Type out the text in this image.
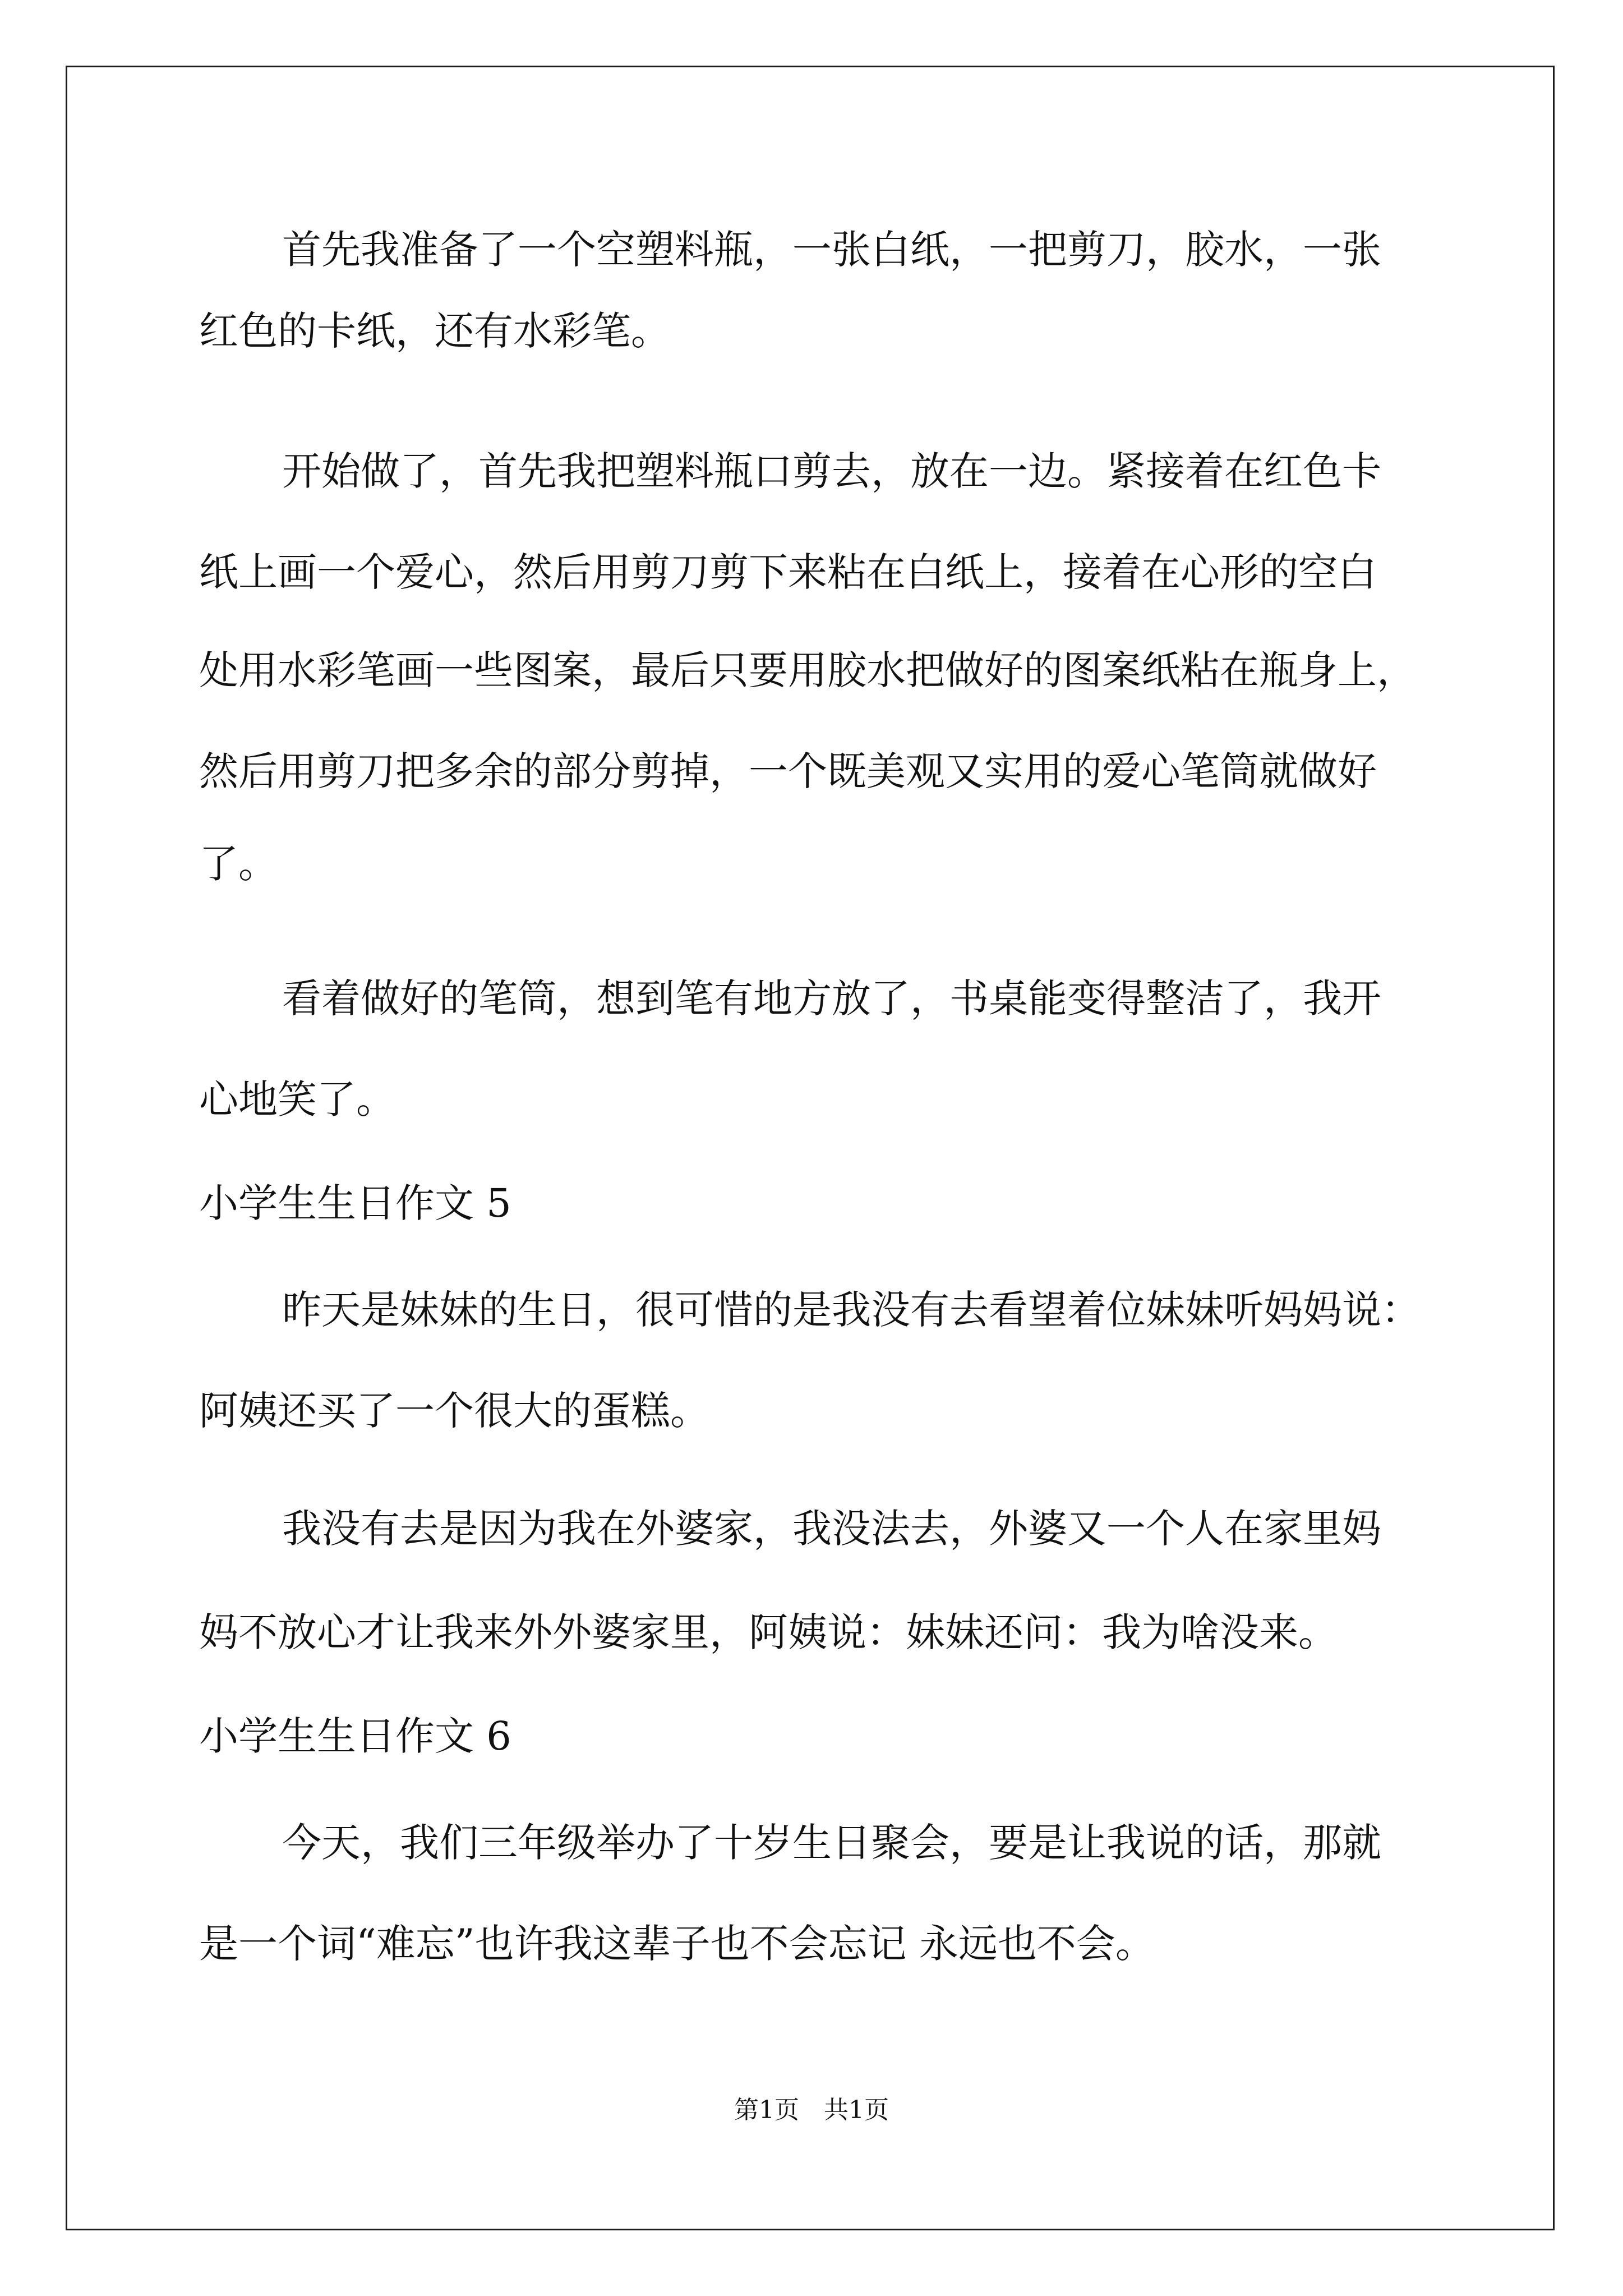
首先我准备了一个空塑料瓶，一张白纸，一把剪刀，胶水，一张
红色的卡纸，还有水彩笔。
开始做了，首先我把塑料瓶口剪去，放在一边。紧接着在红色卡
纸上画一个爱心，然后用剪刀剪下来粘在白纸上，接着在心形的空白
处用水彩笔画一些图案，最后只要用胶水把做好的图案纸粘在瓶身上，
然后用剪刀把多余的部分剪掉，一个既美观又实用的爱心笔筒就做好
了。
看着做好的笔筒，想到笔有地方放了，书桌能变得整洁了，我开
心地笑了。
小学生生日作文 5
昨天是妹妹的生日，很可惜的是我没有去看望着位妹妹听妈妈说：
阿姨还买了一个很大的蛋糕。
我没有去是因为我在外婆家，我没法去，外婆又一个人在家里妈
妈不放心才让我来外外婆家里，阿姨说：妹妹还问：我为啥没来。
小学生生日作文 6
今天，我们三年级举办了十岁生日聚会，要是让我说的话，那就
是一个词“难忘”也许我这辈子也不会忘记 永远也不会。
第1页　共1页
